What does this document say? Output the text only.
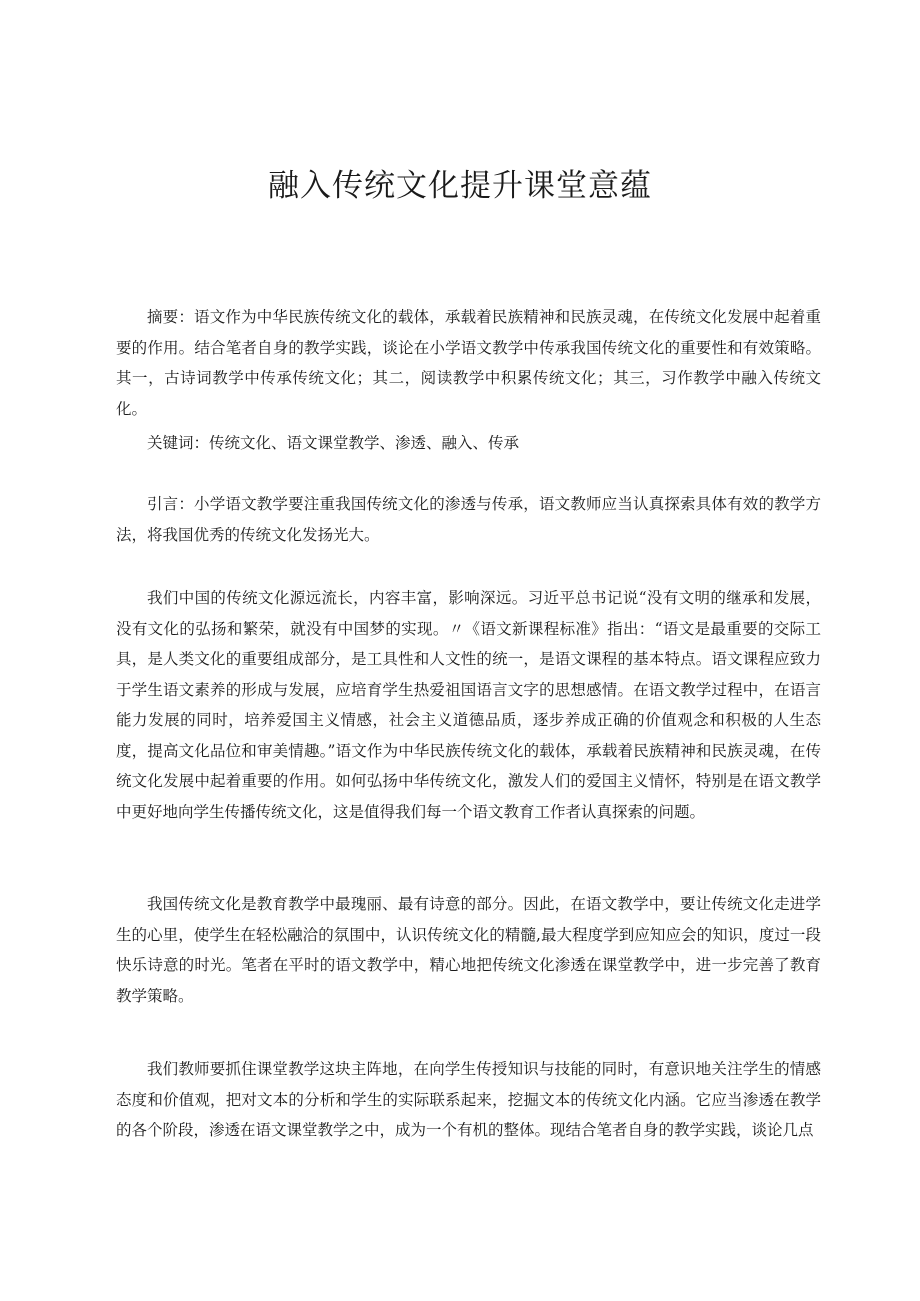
融入传统文化提升课堂意蕴

摘要：语文作为中华民族传统文化的载体，承载着民族精神和民族灵魂，在传统文化发展中起着重要的作用。结合笔者自身的教学实践，谈论在小学语文教学中传承我国传统文化的重要性和有效策略。其一，古诗词教学中传承传统文化；其二，阅读教学中积累传统文化；其三，习作教学中融入传统文化。

关键词：传统文化、语文课堂教学、渗透、融入、传承

引言：小学语文教学要注重我国传统文化的渗透与传承，语文教师应当认真探索具体有效的教学方法，将我国优秀的传统文化发扬光大。

我们中国的传统文化源远流长，内容丰富，影响深远。习近平总书记说“没有文明的继承和发展，没有文化的弘扬和繁荣，就没有中国梦的实现。〃《语文新课程标准》指出：“语文是最重要的交际工具，是人类文化的重要组成部分，是工具性和人文性的统一，是语文课程的基本特点。语文课程应致力于学生语文素养的形成与发展，应培育学生热爱祖国语言文字的思想感情。在语文教学过程中，在语言能力发展的同时，培养爱国主义情感，社会主义道德品质，逐步养成正确的价值观念和积极的人生态度，提高文化品位和审美情趣。”语文作为中华民族传统文化的载体，承载着民族精神和民族灵魂，在传统文化发展中起着重要的作用。如何弘扬中华传统文化，激发人们的爱国主义情怀，特别是在语文教学中更好地向学生传播传统文化，这是值得我们每一个语文教育工作者认真探索的问题。

我国传统文化是教育教学中最瑰丽、最有诗意的部分。因此，在语文教学中，要让传统文化走进学生的心里，使学生在轻松融洽的氛围中，认识传统文化的精髓,最大程度学到应知应会的知识，度过一段快乐诗意的时光。笔者在平时的语文教学中，精心地把传统文化渗透在课堂教学中，进一步完善了教育教学策略。

我们教师要抓住课堂教学这块主阵地，在向学生传授知识与技能的同时，有意识地关注学生的情感态度和价值观，把对文本的分析和学生的实际联系起来，挖掘文本的传统文化内涵。它应当渗透在教学的各个阶段，渗透在语文课堂教学之中，成为一个有机的整体。现结合笔者自身的教学实践，谈论几点
